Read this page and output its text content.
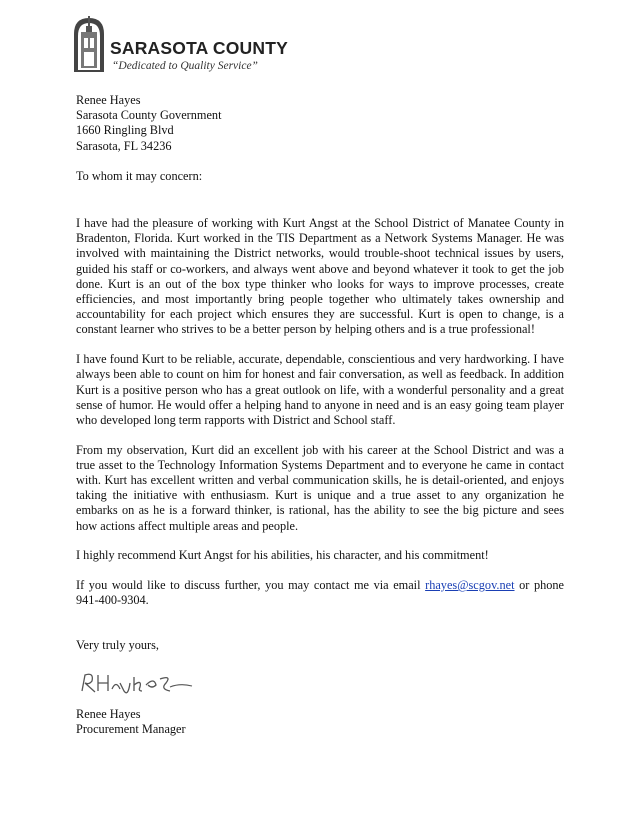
SARASOTA COUNTY
“Dedicated to Quality Service”
Renee Hayes
Sarasota County Government
1660 Ringling Blvd
Sarasota, FL 34236
To whom it may concern:

I have had the pleasure of working with Kurt Angst at the School District of Manatee County in Bradenton, Florida. Kurt worked in the TIS Department as a Network Systems Manager. He was involved with maintaining the District networks, would trouble-shoot technical issues by users, guided his staff or co-workers, and always went above and beyond whatever it took to get the job done. Kurt is an out of the box type thinker who looks for ways to improve processes, create efficiencies, and most importantly bring people together who ultimately takes ownership and accountability for each project which ensures they are successful. Kurt is open to change, is a constant learner who strives to be a better person by helping others and is a true professional!

I have found Kurt to be reliable, accurate, dependable, conscientious and very hardworking. I have always been able to count on him for honest and fair conversation, as well as feedback. In addition Kurt is a positive person who has a great outlook on life, with a wonderful personality and a great sense of humor. He would offer a helping hand to anyone in need and is an easy going team player who developed long term rapports with District and School staff.

From my observation, Kurt did an excellent job with his career at the School District and was a true asset to the Technology Information Systems Department and to everyone he came in contact with. Kurt has excellent written and verbal communication skills, he is detail-oriented, and enjoys taking the initiative with enthusiasm. Kurt is unique and a true asset to any organization he embarks on as he is a forward thinker, is rational, has the ability to see the big picture and sees how actions affect multiple areas and people.

I highly recommend Kurt Angst for his abilities, his character, and his commitment!

If you would like to discuss further, you may contact me via email rhayes@scgov.net or phone 941-400-9304.

Very truly yours,
Renee Hayes
Procurement Manager
